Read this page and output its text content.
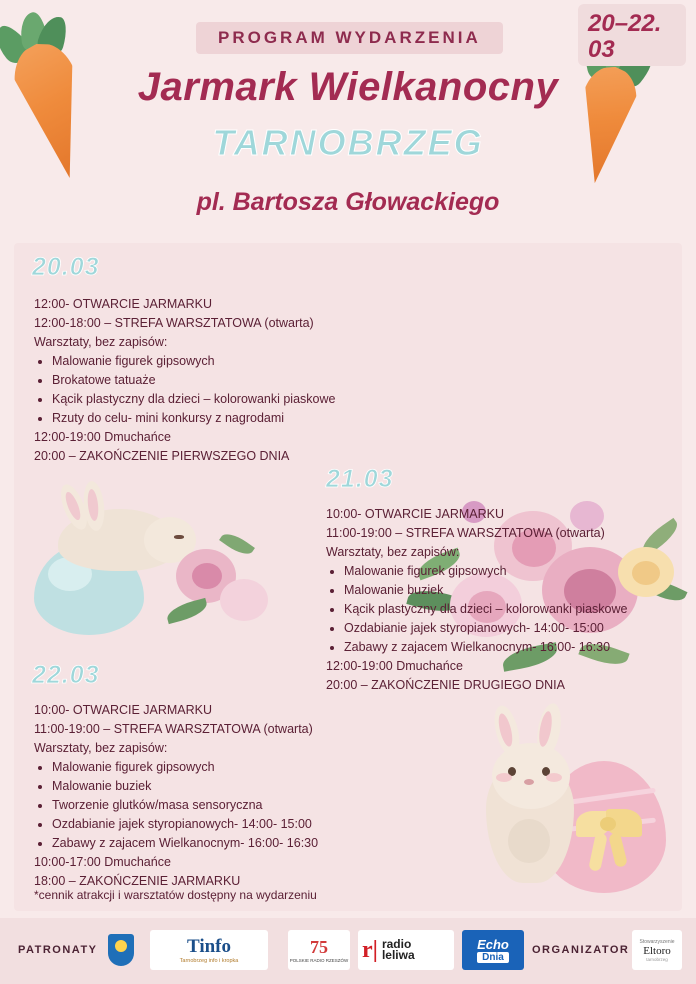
20–22.
03
PROGRAM WYDARZENIA
Jarmark Wielkanocny
TARNOBRZEG
pl. Bartosza Głowackiego
20.03
12:00- OTWARCIE JARMARKU
12:00-18:00 – STREFA WARSZTATOWA (otwarta)
Warsztaty, bez zapisów:
• Malowanie figurek gipsowych
• Brokatowe tatuaże
• Kącik plastyczny dla dzieci – kolorowanki piaskowe
• Rzuty do celu- mini konkursy z nagrodami
12:00-19:00 Dmuchańce
20:00 – ZAKOŃCZENIE PIERWSZEGO DNIA
21.03
10:00- OTWARCIE JARMARKU
11:00-19:00 – STREFA WARSZTATOWA (otwarta)
Warsztaty, bez zapisów:
• Malowanie figurek gipsowych
• Malowanie buziek
• Kącik plastyczny dla dzieci – kolorowanki piaskowe
• Ozdabianie jajek styropianowych- 14:00- 15:00
• Zabawy z zajacem Wielkanocnym- 16:00- 16:30
12:00-19:00 Dmuchańce
20:00 – ZAKOŃCZENIE DRUGIEGO DNIA
22.03
10:00- OTWARCIE JARMARKU
11:00-19:00 – STREFA WARSZTATOWA (otwarta)
Warsztaty, bez zapisów:
• Malowanie figurek gipsowych
• Malowanie buziek
• Tworzenie glutków/masa sensoryczna
• Ozdabianie jajek styropianowych- 14:00- 15:00
• Zabawy z zajacem Wielkanocnym- 16:00- 16:30
10:00-17:00 Dmuchańce
18:00 – ZAKOŃCZENIE JARMARKU
*cennik atrakcji i warsztatów dostępny na wydarzeniu
PATRONATY	Tinfo
Tarnobrzeg info i kropka
75
POLSKIE RADIO RZESZÓW r| radio
leliwa
Echo
Dnia
ORGANIZATOR
Stowarzyszenie
Eltoro
tarnobrzeg
